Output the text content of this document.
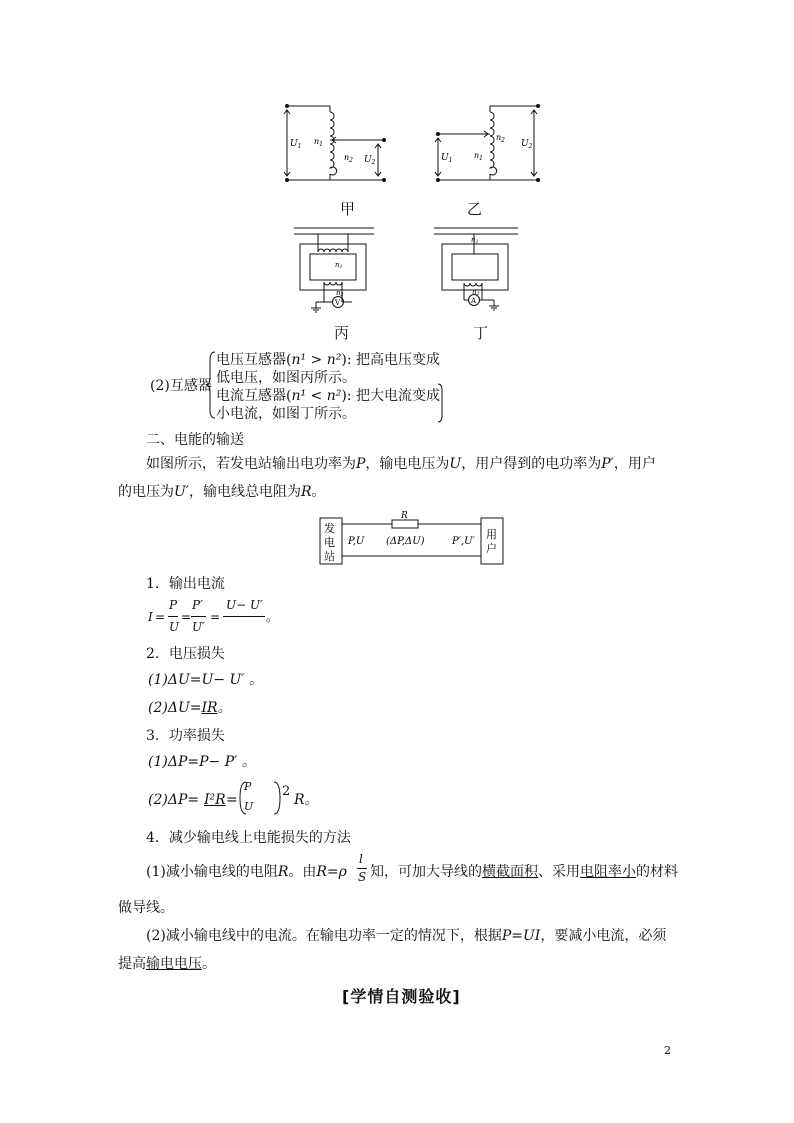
$U_1$
$n_1$
$n_2$ $U_2$
甲
$U_1$
$n_1$
$n_2$ $U_2$
乙
n1
n2
V
丙
n1
n2
A
丁
(2)互感器
电压互感器(n¹ > n²): 把高电压变成
低电压，如图丙所示。
电流互感器(n¹ < n²): 把大电流变成
小电流，如图丁所示。
二、电能的输送
如图所示，若发电站输出电功率为P，输电电压为U，用户得到的电功率为P′，用户
的电压为U′，输电线总电阻为R。
发
电
站
用
户
R
P,U (ΔP,ΔU)	P′,U′
1．输出电流
I =
P
U
=
P′
U′
=
U− U′
。
2．电压损失
(1)ΔU=U− U′ 。
(2)ΔU=IR。
3．功率损失
(1)ΔP=P− P′ 。
(2)ΔP= I²R =
P
U
2
R。
4．减少输电线上电能损失的方法
(1)减小输电线的电阻R。由R=ρ
l
S 知，可加大导线的横截面积、采用电阻率小的材料
做导线。
(2)减小输电线中的电流。在输电功率一定的情况下，根据P=UI，要减小电流，必须
提高输电电压。
[学情自测验收]
2
